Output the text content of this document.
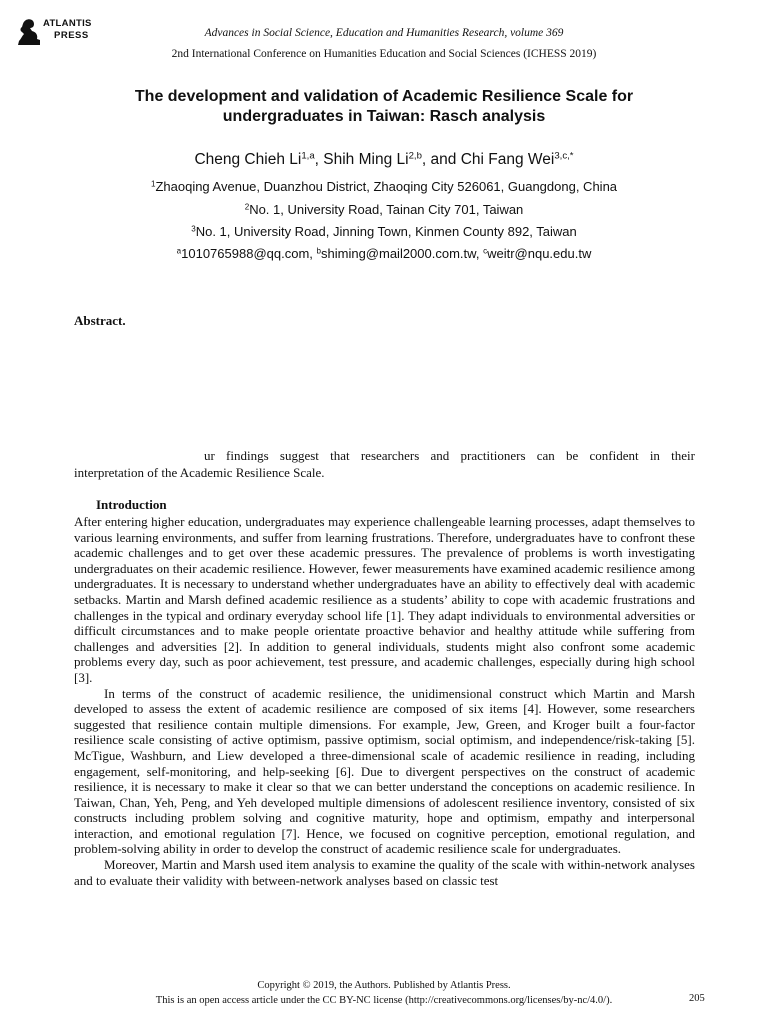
ATLANTIS
PRESS	Advances in Social Science, Education and Humanities Research, volume 369
2nd International Conference on Humanities Education and Social Sciences (ICHESS 2019)
The development and validation of Academic Resilience Scale for
undergraduates in Taiwan: Rasch analysis
Cheng Chieh Li$^{1,a}$, Shih Ming Li$^{2,b}$, and Chi Fang Wei$^{3,c,*}$
$^1$Zhaoqing Avenue, Duanzhou District, Zhaoqing City 526061, Guangdong, China
$^2$No. 1, University Road, Tainan City 701, Taiwan
$^3$No. 1, University Road, Jinning Town, Kinmen County 892, Taiwan
$^a$1010765988@qq.com, $^b$shiming@mail2000.com.tw, $^c$weitr@nqu.edu.tw
Abstract.
ur findings suggest that researchers and practitioners can be confident in their
interpretation of the Academic Resilience Scale.
Introduction

After entering higher education, undergraduates may experience challengeable learning processes, adapt themselves to various learning environments, and suffer from learning frustrations. Therefore, undergraduates have to confront these academic challenges and to get over these academic pressures. The prevalence of problems is worth investigating undergraduates on their academic resilience. However, fewer measurements have examined academic resilience among undergraduates. It is necessary to understand whether undergraduates have an ability to effectively deal with academic setbacks. Martin and Marsh defined academic resilience as a students’ ability to cope with academic frustrations and challenges in the typical and ordinary everyday school life [1]. They adapt individuals to environmental adversities or difficult circumstances and to make people orientate proactive behavior and healthy attitude while suffering from challenges and adversities [2]. In addition to general individuals, students might also confront some academic problems every day, such as poor achievement, test pressure, and academic challenges, especially during high school [3].

In terms of the construct of academic resilience, the unidimensional construct which Martin and Marsh developed to assess the extent of academic resilience are composed of six items [4]. However, some researchers suggested that resilience contain multiple dimensions. For example, Jew, Green, and Kroger built a four-factor resilience scale consisting of active optimism, passive optimism, social optimism, and independence/risk-taking [5]. McTigue, Washburn, and Liew developed a three-dimensional scale of academic resilience in reading, including engagement, self-monitoring, and help-seeking [6]. Due to divergent perspectives on the construct of academic resilience, it is necessary to make it clear so that we can better understand the conceptions on academic resilience. In Taiwan, Chan, Yeh, Peng, and Yeh developed multiple dimensions of adolescent resilience inventory, consisted of six constructs including problem solving and cognitive maturity, hope and optimism, empathy and interpersonal interaction, and emotional regulation [7]. Hence, we focused on cognitive perception, emotional regulation, and problem-solving ability in order to develop the construct of academic resilience scale for undergraduates.

Moreover, Martin and Marsh used item analysis to examine the quality of the scale with within-network analyses and to evaluate their validity with between-network analyses based on classic test

Copyright © 2019, the Authors. Published by Atlantis Press.
This is an open access article under the CC BY-NC license (http://creativecommons.org/licenses/by-nc/4.0/).	205
